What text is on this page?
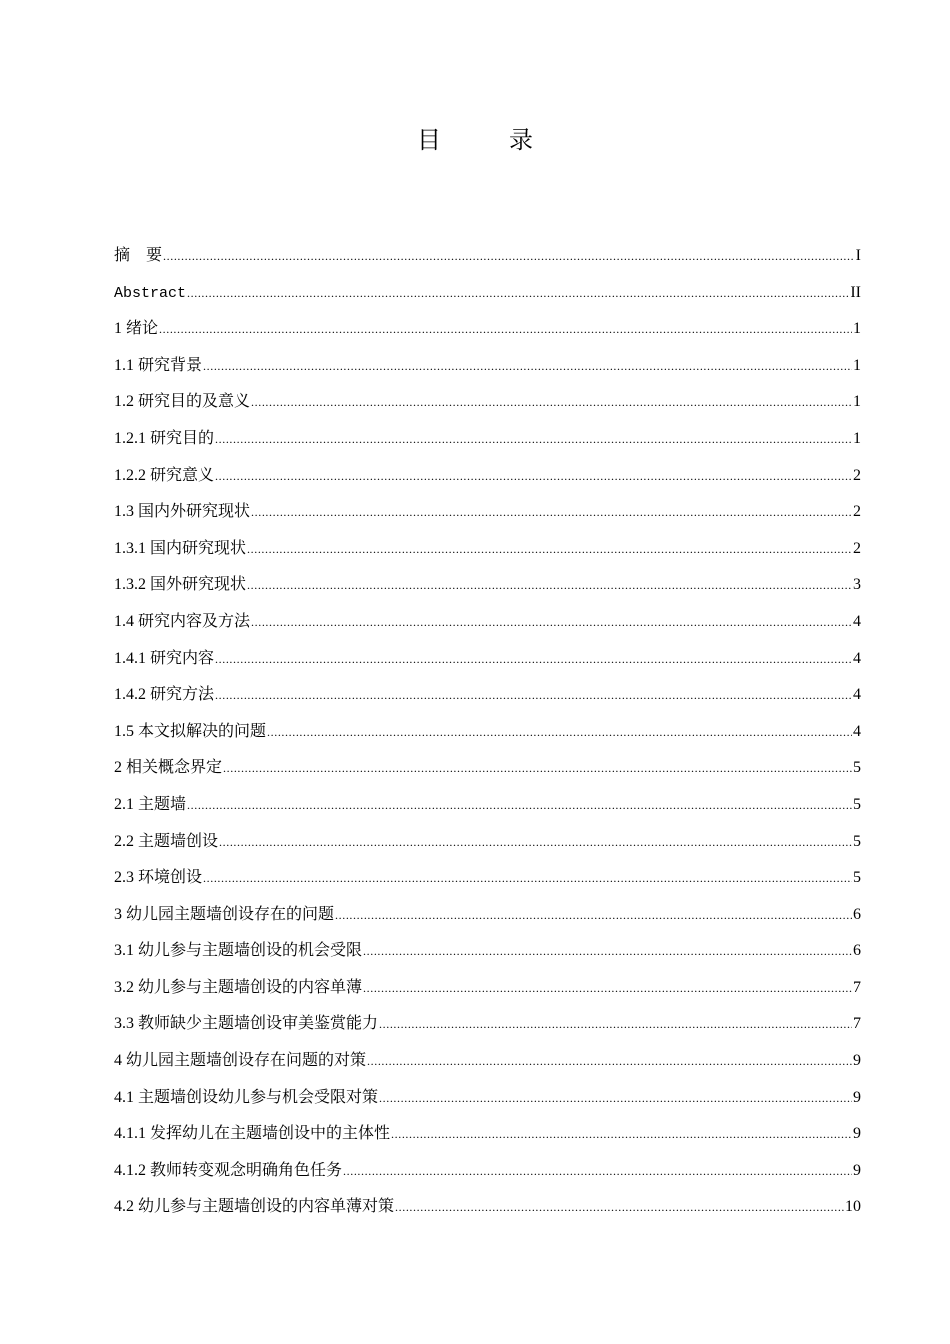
目　录
摘　要 .....	I
Abstract .....	II
1 绪论 .....	1
1.1 研究背景 .....	1
1.2 研究目的及意义 .....	1
1.2.1 研究目的 .....	1
1.2.2 研究意义 .....	2
1.3 国内外研究现状 .....	2
1.3.1 国内研究现状 .....	2
1.3.2 国外研究现状 .....	3
1.4 研究内容及方法 .....	4
1.4.1 研究内容 .....	4
1.4.2 研究方法 .....	4
1.5 本文拟解决的问题 .....	4
2 相关概念界定 .....	5
2.1 主题墙 .....	5
2.2 主题墙创设 .....	5
2.3 环境创设 .....	5
3 幼儿园主题墙创设存在的问题 .....	6
3.1 幼儿参与主题墙创设的机会受限 .....	6
3.2 幼儿参与主题墙创设的内容单薄 .....	7
3.3 教师缺少主题墙创设审美鉴赏能力 .....	7
4 幼儿园主题墙创设存在问题的对策 .....	9
4.1 主题墙创设幼儿参与机会受限对策 .....	9
4.1.1 发挥幼儿在主题墙创设中的主体性 .....	9
4.1.2 教师转变观念明确角色任务 .....	9
4.2 幼儿参与主题墙创设的内容单薄对策 .....	10
